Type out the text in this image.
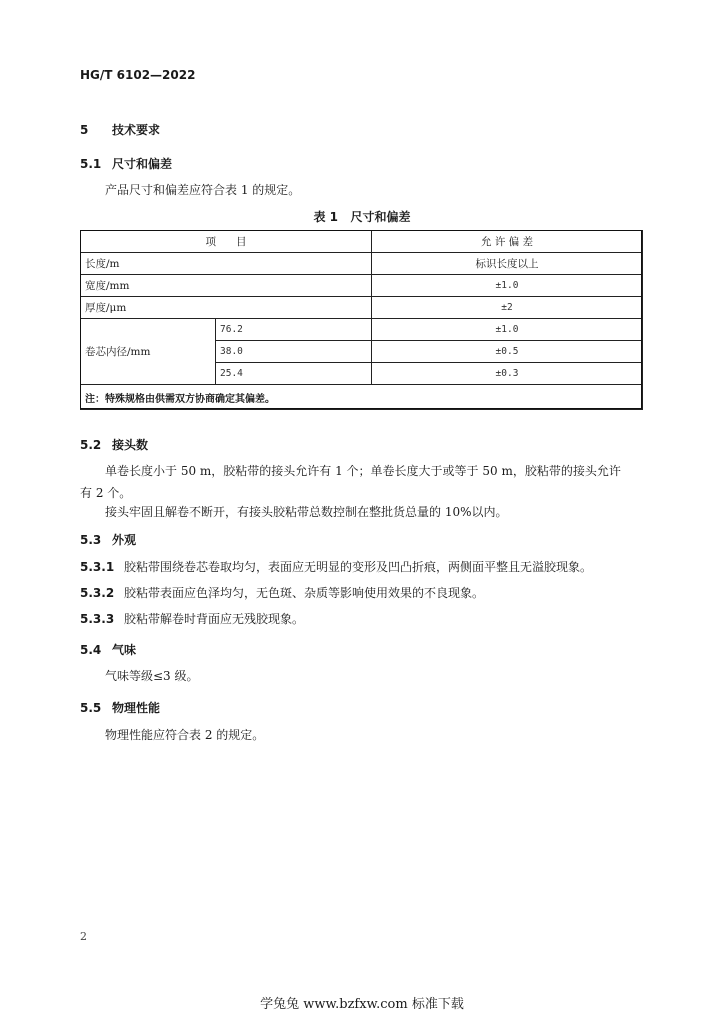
HG/T 6102—2022
5 技术要求
5.1 尺寸和偏差
产品尺寸和偏差应符合表 1 的规定。
表 1   尺寸和偏差
项      目		允 许 偏 差
长度/m		标识长度以上
宽度/mm		±1.0
厚度/μm		±2
卷芯内径/mm	76.2	±1.0
	38.0	±0.5
	25.4	±0.3
注：特殊规格由供需双方协商确定其偏差。		
5.2 接头数
单卷长度小于 50 m，胶粘带的接头允许有 1 个；单卷长度大于或等于 50 m，胶粘带的接头允许
有 2 个。
接头牢固且解卷不断开，有接头胶粘带总数控制在整批货总量的 10%以内。
5.3 外观
5.3.1 胶粘带围绕卷芯卷取均匀，表面应无明显的变形及凹凸折痕，两侧面平整且无溢胶现象。
5.3.2 胶粘带表面应色泽均匀，无色斑、杂质等影响使用效果的不良现象。
5.3.3 胶粘带解卷时背面应无残胶现象。
5.4 气味
气味等级≤3 级。
5.5 物理性能
物理性能应符合表 2 的规定。
2
学兔兔 www.bzfxw.com 标准下载
